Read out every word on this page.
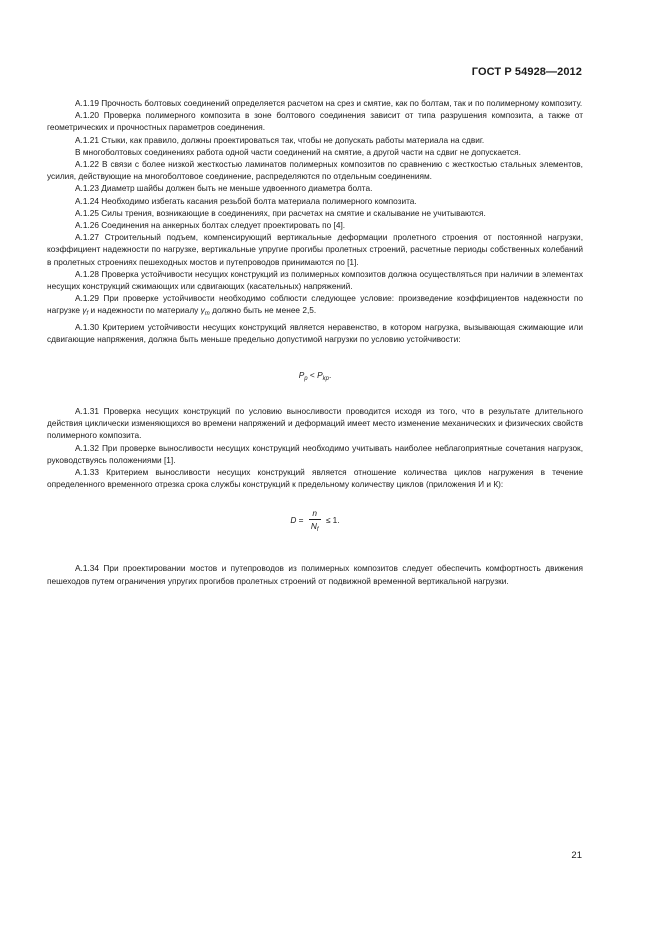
ГОСТ Р 54928—2012

А.1.19 Прочность болтовых соединений определяется расчетом на срез и смятие, как по болтам, так и по полимерному композиту.

А.1.20 Проверка полимерного композита в зоне болтового соединения зависит от типа разрушения композита, а также от геометрических и прочностных параметров соединения.

А.1.21 Стыки, как правило, должны проектироваться так, чтобы не допускать работы материала на сдвиг.

В многоболтовых соединениях работа одной части соединений на смятие, а другой части на сдвиг не допускается.

А.1.22 В связи с более низкой жесткостью ламинатов полимерных композитов по сравнению с жесткостью стальных элементов, усилия, действующие на многоболтовое соединение, распределяются по отдельным соединениям.

А.1.23 Диаметр шайбы должен быть не меньше удвоенного диаметра болта.

А.1.24 Необходимо избегать касания резьбой болта материала полимерного композита.

А.1.25 Силы трения, возникающие в соединениях, при расчетах на смятие и скалывание не учитываются.

А.1.26 Соединения на анкерных болтах следует проектировать по [4].

А.1.27 Строительный подъем, компенсирующий вертикальные деформации пролетного строения от постоянной нагрузки, коэффициент надежности по нагрузке, вертикальные упругие прогибы пролетных строений, расчетные периоды собственных колебаний в пролетных строениях пешеходных мостов и путепроводов принимаются по [1].

А.1.28 Проверка устойчивости несущих конструкций из полимерных композитов должна осуществляться при наличии в элементах несущих конструкций сжимающих или сдвигающих (касательных) напряжений.

А.1.29 При проверке устойчивости необходимо соблюсти следующее условие: произведение коэффициентов надежности по нагрузке $\gamma_f$ и надежности по материалу $\gamma_m$ должно быть не менее 2,5.

А.1.30 Критерием устойчивости несущих конструкций является неравенство, в котором нагрузка, вызывающая сжимающие или сдвигающие напряжения, должна быть меньше предельно допустимой нагрузки по условию устойчивости:

$P_p < P_{kp}$.

А.1.31 Проверка несущих конструкций по условию выносливости проводится исходя из того, что в результате длительного действия циклически изменяющихся во времени напряжений и деформаций имеет место изменение механических и физических свойств полимерного композита.

А.1.32 При проверке выносливости несущих конструкций необходимо учитывать наиболее неблагоприятные сочетания нагрузок, руководствуясь положениями [1].

А.1.33 Критерием выносливости несущих конструкций является отношение количества циклов нагружения в течение определенного временного отрезка срока службы конструкций к предельному количеству циклов (приложения И и К):

$D = \frac{n}{N_f} \le 1$.

А.1.34 При проектировании мостов и путепроводов из полимерных композитов следует обеспечить комфортность движения пешеходов путем ограничения упругих прогибов пролетных строений от подвижной временной вертикальной нагрузки.

21
